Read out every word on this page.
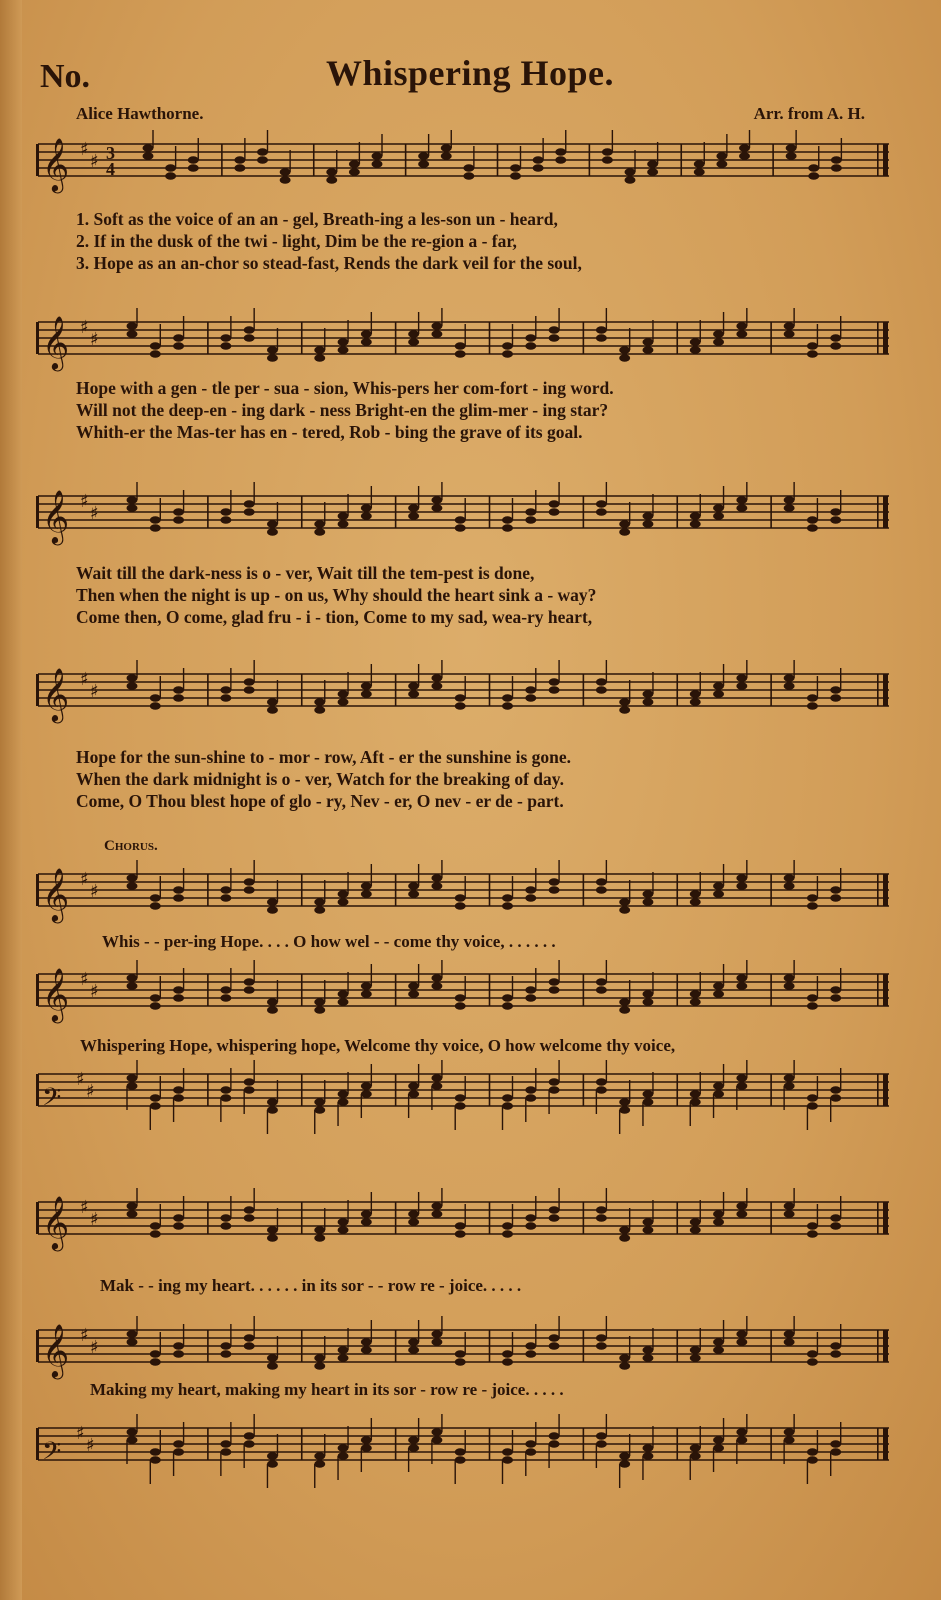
No.	Whispering Hope.
Alice Hawthorne.	Arr. from A. H.
𝄞 ♯
♯ 3
4
1. Soft as the voice of an an - gel, Breath-ing a les-son un - heard,
2. If in the dusk of the twi - light, Dim be the re-gion a - far,
3. Hope as an an-chor so stead-fast, Rends the dark veil for the soul,
𝄞 ♯
♯
Hope with a gen - tle per - sua - sion, Whis-pers her com-fort - ing word.
Will not the deep-en - ing dark - ness Bright-en the glim-mer - ing star?
Whith-er the Mas-ter has en - tered, Rob - bing the grave of its goal.
𝄞 ♯
♯
Wait till the dark-ness is o - ver, Wait till the tem-pest is done,
Then when the night is up - on us, Why should the heart sink a - way?
Come then, O come, glad fru - i - tion, Come to my sad, wea-ry heart,
𝄞 ♯
♯
Hope for the sun-shine to - mor - row, Aft - er the sunshine is gone.
When the dark midnight is o - ver, Watch for the breaking of day.
Come, O Thou blest hope of glo - ry, Nev - er, O nev - er de - part.
Chorus.
𝄞 ♯
♯
Whis - - per-ing Hope. . . . O how wel - - come thy voice, . . . . . .
𝄞 ♯
♯
Whispering Hope, whispering hope, Welcome thy voice, O how welcome thy voice,
𝄢
♯
♯
𝄞 ♯
♯
Mak - - ing my heart. . . . . . in its sor - - row re - joice. . . . .
𝄞 ♯
♯
Making my heart, making my heart in its sor - row re - joice. . . . .
𝄢
♯
♯
